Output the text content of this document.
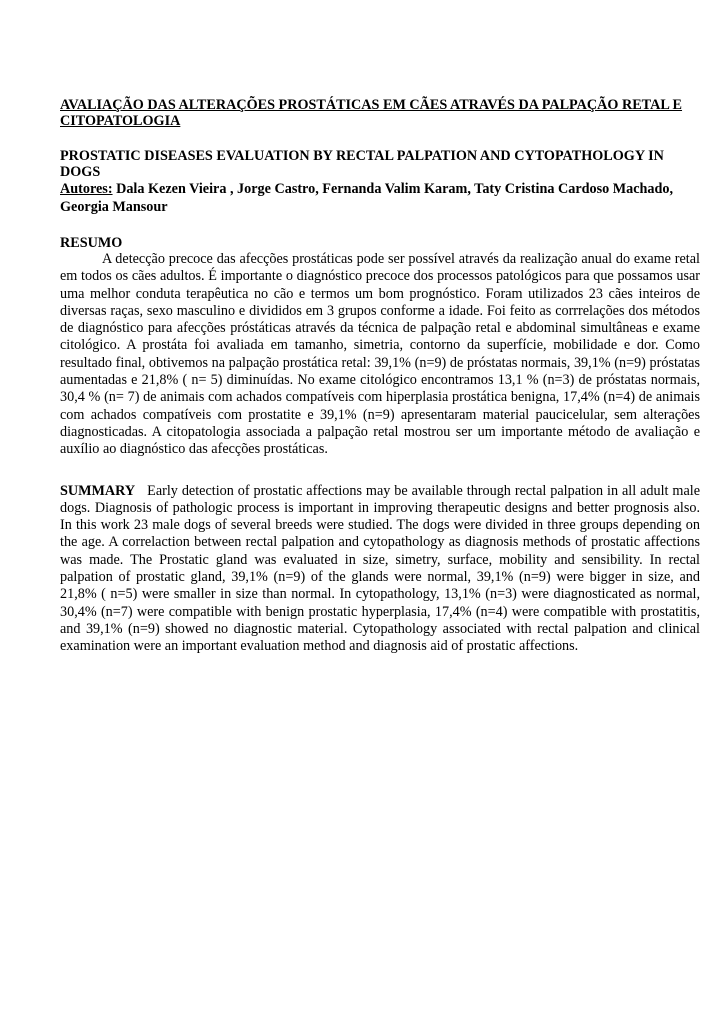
AVALIAÇÃO DAS ALTERAÇÕES PROSTÁTICAS EM CÃES ATRAVÉS DA PALPAÇÃO RETAL E CITOPATOLOGIA

PROSTATIC DISEASES EVALUATION BY RECTAL PALPATION AND CYTOPATHOLOGY IN DOGS

Autores: Dala Kezen Vieira , Jorge Castro, Fernanda Valim Karam, Taty Cristina Cardoso Machado, Georgia Mansour

RESUMO

A detecção precoce das afecções prostáticas pode ser possível através da realização anual do exame retal em todos os cães adultos. É importante o diagnóstico precoce dos processos patológicos para que possamos usar uma melhor conduta terapêutica no cão e termos um bom prognóstico. Foram utilizados 23 cães inteiros de diversas raças, sexo masculino e divididos em 3 grupos conforme a idade. Foi feito as corrrelações dos métodos de diagnóstico para afecções próstáticas através da técnica de palpação retal e abdominal simultâneas e exame citológico. A prostáta foi avaliada em tamanho, simetria, contorno da superfície, mobilidade e dor. Como resultado final, obtivemos na palpação prostática retal: 39,1% (n=9) de próstatas normais, 39,1% (n=9) próstatas aumentadas e 21,8% ( n= 5) diminuídas. No exame citológico encontramos 13,1 % (n=3) de próstatas normais, 30,4 % (n= 7) de animais com achados compatíveis com hiperplasia prostática benigna, 17,4% (n=4) de animais com achados compatíveis com prostatite e 39,1% (n=9) apresentaram material paucicelular, sem alterações diagnosticadas. A citopatologia associada a palpação retal mostrou ser um importante método de avaliação e auxílio ao diagnóstico das afecções prostáticas.

SUMMARY Early detection of prostatic affections may be available through rectal palpation in all adult male dogs. Diagnosis of pathologic process is important in improving therapeutic designs and better prognosis also. In this work 23 male dogs of several breeds were studied. The dogs were divided in three groups depending on the age. A correlaction between rectal palpation and cytopathology as diagnosis methods of prostatic affections was made. The Prostatic gland was evaluated in size, simetry, surface, mobility and sensibility. In rectal palpation of prostatic gland, 39,1% (n=9) of the glands were normal, 39,1% (n=9) were bigger in size, and 21,8% ( n=5) were smaller in size than normal. In cytopathology, 13,1% (n=3) were diagnosticated as normal, 30,4% (n=7) were compatible with benign prostatic hyperplasia, 17,4% (n=4) were compatible with prostatitis, and 39,1% (n=9) showed no diagnostic material. Cytopathology associated with rectal palpation and clinical examination were an important evaluation method and diagnosis aid of prostatic affections.
